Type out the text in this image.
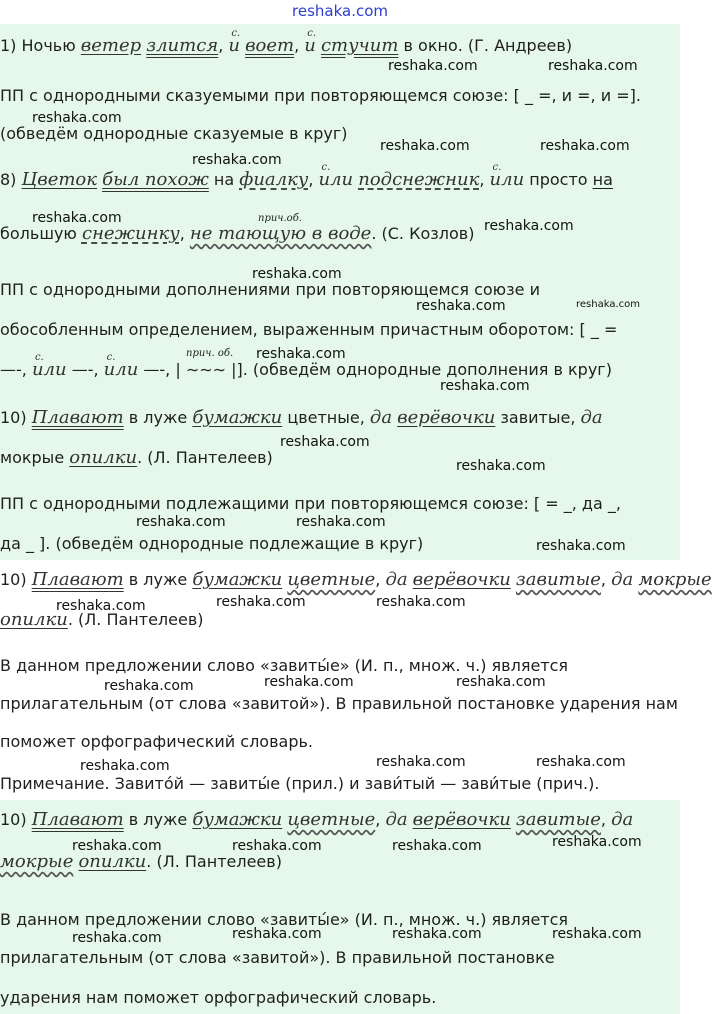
reshaka.com
1) Ночью ветер злится, с. и воет, с. и стучит в окно. (Г. Андреев)
ПП с однородными сказуемыми при повторяющемся союзе: [ _ =, и =, и =].
(обведём однородные сказуемые в круг)
8) Цветок был похож на фиалку, с. или подснежник, с. или просто на
прич.об.
большую снежинку, не тающую в воде. (С. Козлов)
ПП с однородными дополнениями при повторяющемся союзе и
обособленным определением, выраженным причастным оборотом: [ _ =
прич. об.
—-, с. или —-, с. или —-, | ∼∼∼ |]. (обведём однородные дополнения в круг)
10) Плавают в луже бумажки цветные, да верёвочки завитые, да
мокрые опилки. (Л. Пантелеев)
ПП с однородными подлежащими при повторяющемся союзе: [ = _, да _,
да _ ]. (обведём однородные подлежащие в круг)
10) Плавают в луже бумажки цветные, да верёвочки завитые, да мокрые
опилки. (Л. Пантелеев)
В данном предложении слово «завиты́е» (И. п., множ. ч.) является
прилагательным (от слова «завитой»). В правильной постановке ударения нам
поможет орфографический словарь.
Примечание. Завито́й — завиты́е (прил.) и зави́тый — зави́тые (прич.).
10) Плавают в луже бумажки цветные, да верёвочки завитые, да
мокрые опилки. (Л. Пантелеев)
В данном предложении слово «завиты́е» (И. п., множ. ч.) является
прилагательным (от слова «завитой»). В правильной постановке
ударения нам поможет орфографический словарь.
reshaka.com	reshaka.com
reshaka.com
reshaka.com	reshaka.com
reshaka.com
reshaka.com	reshaka.com
reshaka.com
reshaka.com	reshaka.com
reshaka.com
reshaka.com
reshaka.com
reshaka.com
reshaka.com	reshaka.com
reshaka.com
reshaka.com	reshaka.com
reshaka.com
reshaka.com	reshaka.com
reshaka.com
reshaka.com	reshaka.com	reshaka.com
reshaka.com
reshaka.com	reshaka.com	reshaka.com
reshaka.com	reshaka.com	reshaka.com	reshaka.com
